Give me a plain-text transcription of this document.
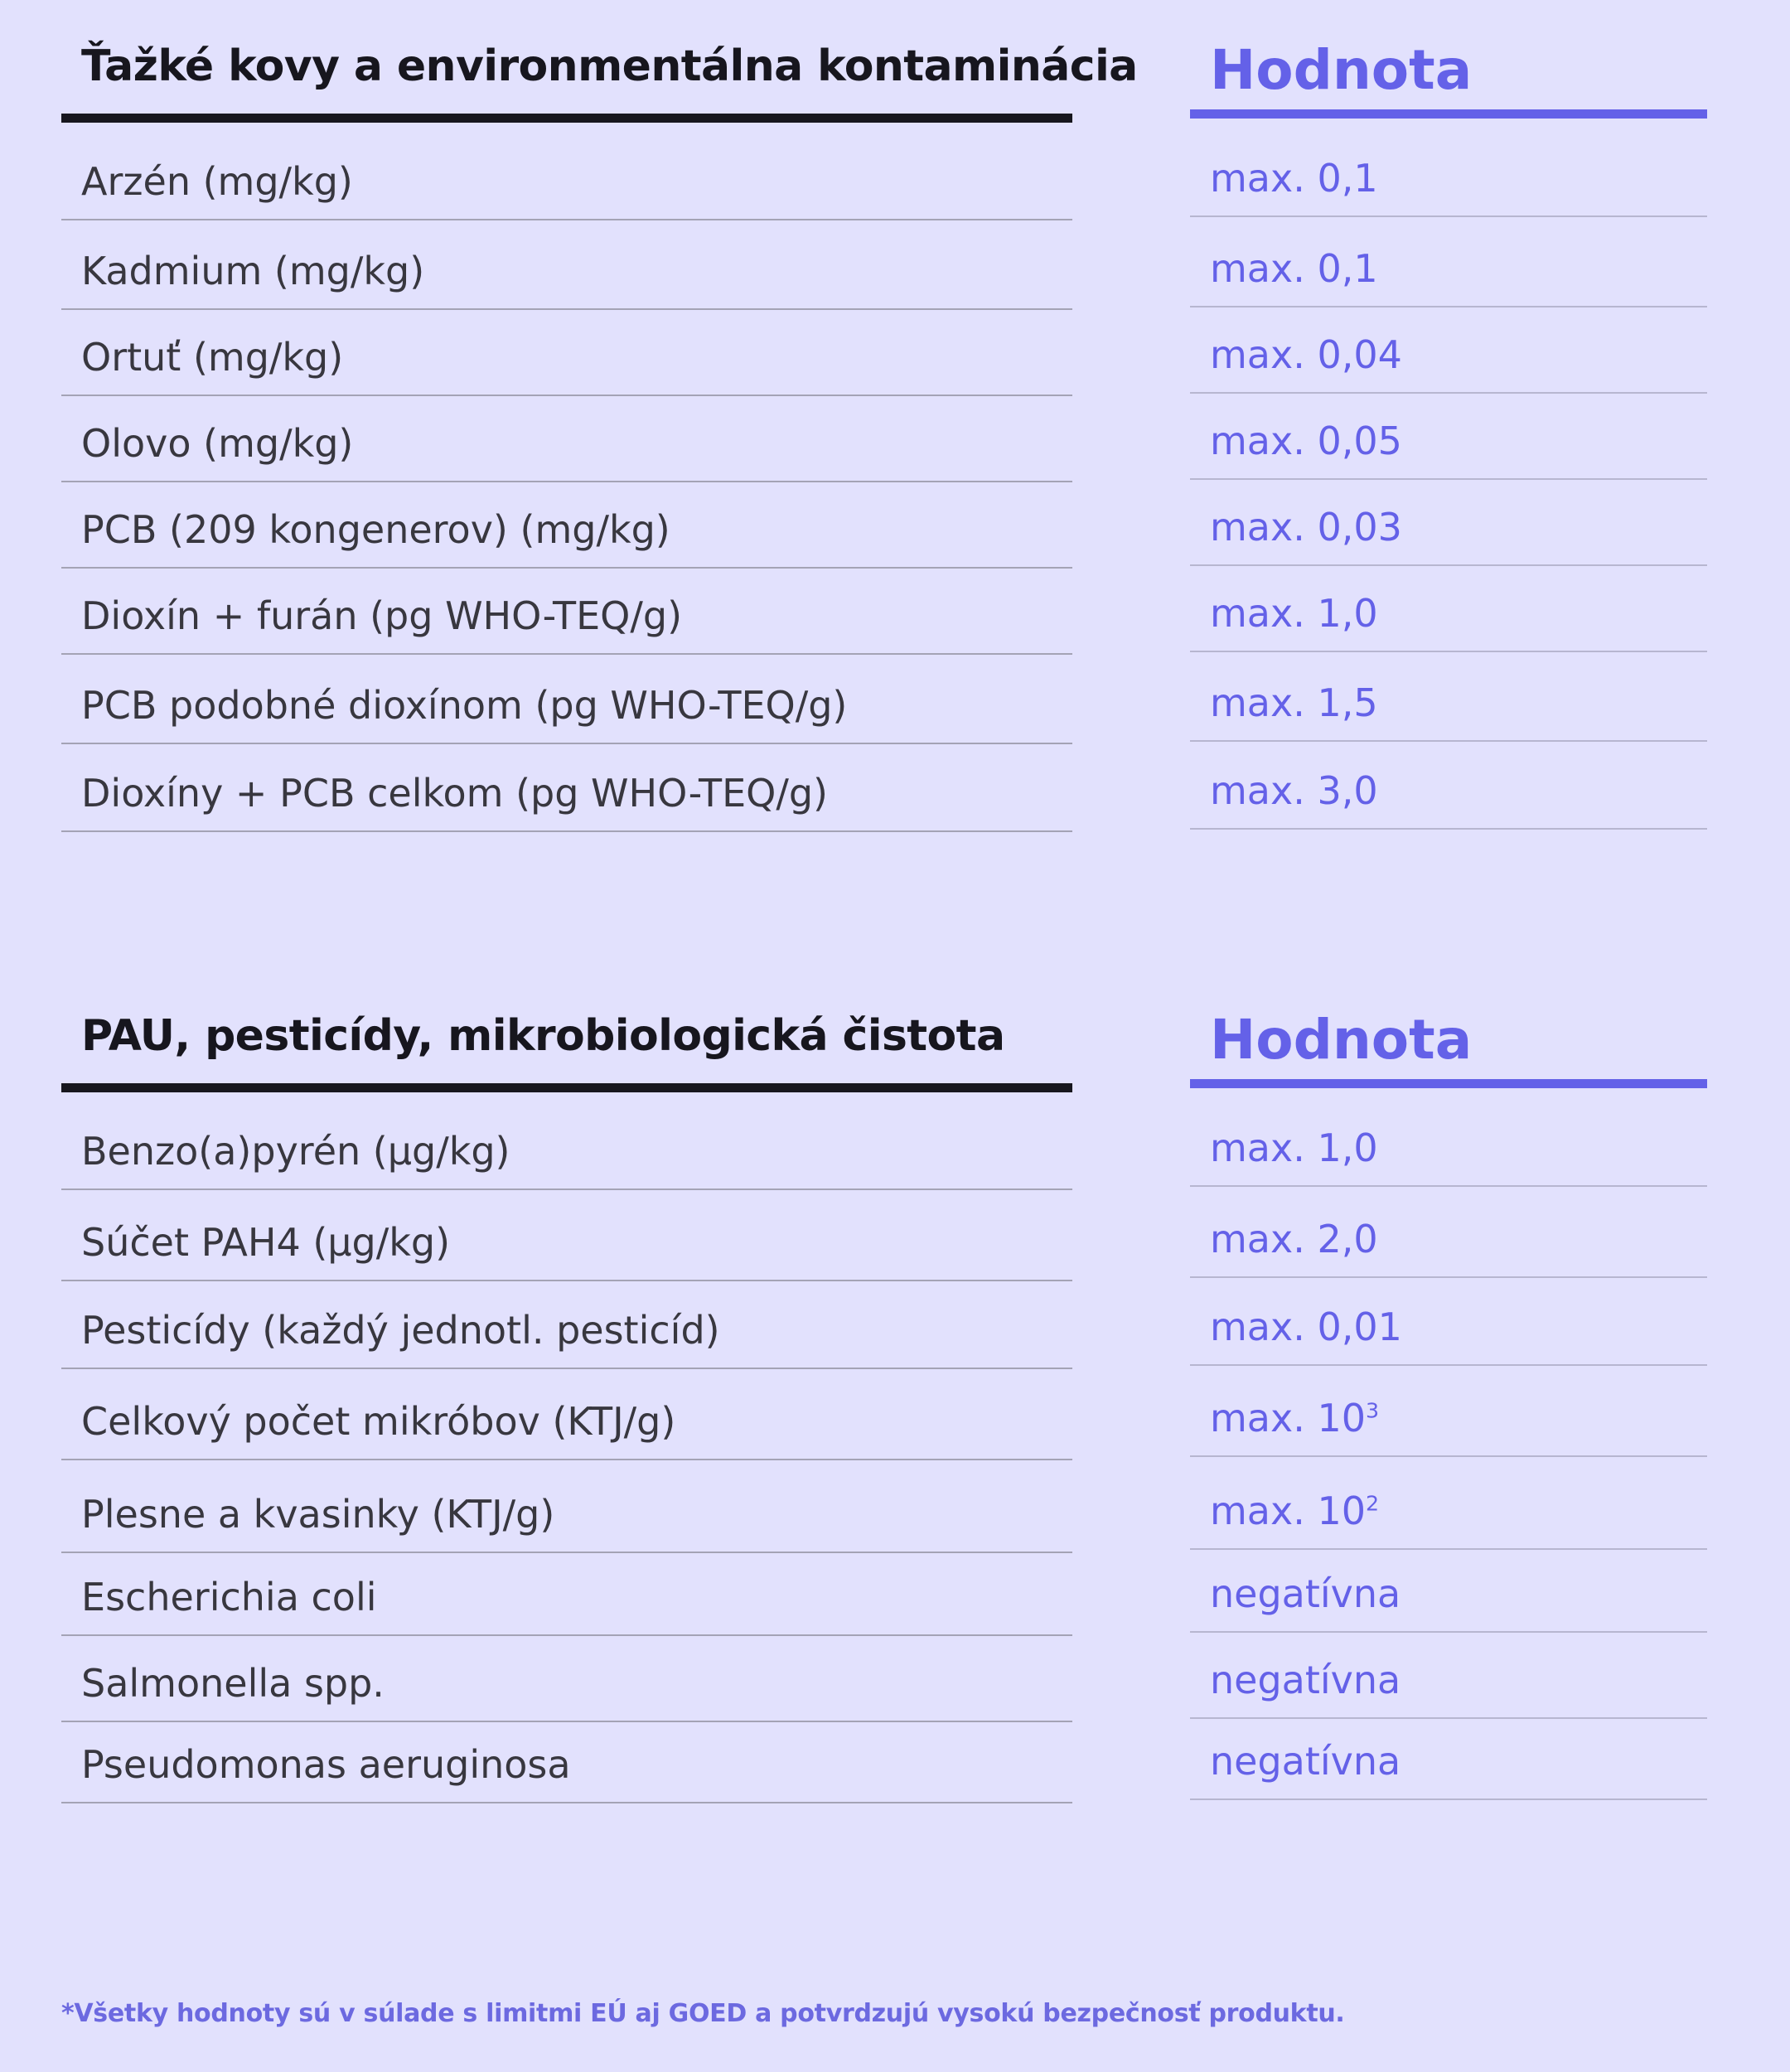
Ťažké kovy a environmentálna kontaminácia
Arzén (mg/kg)
Kadmium (mg/kg)
Ortuť (mg/kg)
Olovo (mg/kg)
PCB (209 kongenerov) (mg/kg)
Dioxín + furán (pg WHO-TEQ/g)
PCB podobné dioxínom (pg WHO-TEQ/g)
Dioxíny + PCB celkom (pg WHO-TEQ/g)
Hodnota
max. 0,1
max. 0,1
max. 0,04
max. 0,05
max. 0,03
max. 1,0
max. 1,5
max. 3,0
PAU, pesticídy, mikrobiologická čistota
Benzo(a)pyrén (µg/kg)
Súčet PAH4 (µg/kg)
Pesticídy (každý jednotl. pesticíd)
Celkový počet mikróbov (KTJ/g)
Plesne a kvasinky (KTJ/g)
Escherichia coli
Salmonella spp.
Pseudomonas aeruginosa
Hodnota
max. 1,0
max. 2,0
max. 0,01
max. $10^3$
max. $10^2$
negatívna
negatívna
negatívna
*Všetky hodnoty sú v súlade s limitmi EÚ aj GOED a potvrdzujú vysokú bezpečnosť produktu.
